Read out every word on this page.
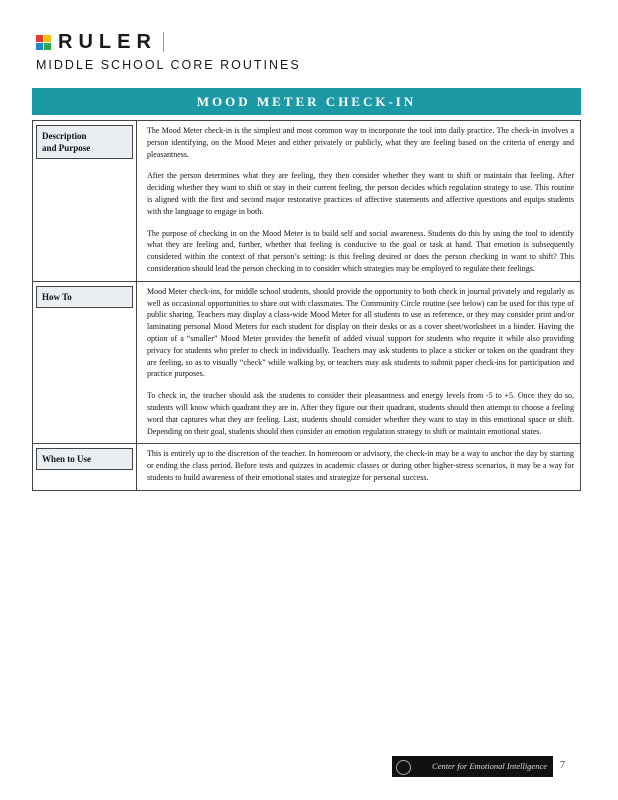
RULER
MIDDLE SCHOOL CORE ROUTINES
MOOD METER CHECK-IN
Description
and Purpose

The Mood Meter check-in is the simplest and most common way to incorporate the tool into daily practice. The check-in involves a person identifying, on the Mood Meter and either privately or publicly, what they are feeling based on the criteria of energy and pleasantness.

After the person determines what they are feeling, they then consider whether they want to shift or maintain that feeling. After deciding whether they want to shift or stay in their current feeling, the person decides which regulation strategy to use. This routine is aligned with the first and second major restorative practices of affective statements and affective questions and equips students with the language to engage in both.

The purpose of checking in on the Mood Meter is to build self and social awareness. Students do this by using the tool to identify what they are feeling and, further, whether that feeling is conducive to the goal or task at hand. That emotion is subsequently considered within the context of that person’s setting: is this feeling desired or does the person checking in want to shift? This consideration should lead the person checking in to consider which strategies may be employed to regulate their feelings.

How To

Mood Meter check-ins, for middle school students, should provide the opportunity to both check in journal privately and regularly as well as occasional opportunities to share out with classmates. The Community Circle routine (see below) can be used for this type of public sharing. Teachers may display a class-wide Mood Meter for all students to use as reference, or they may consider print and/or laminating personal Mood Meters for each student for display on their desks or as a cover sheet/worksheet in a binder. Having the option of a “smaller” Mood Meter provides the benefit of added visual support for students who require it while also providing privacy for students who prefer to check in individually. Teachers may ask students to place a sticker or token on the quadrant they are feeling, so as to visually “check” while walking by, or teachers may ask students to submit paper check-ins for participation and practice purposes.

To check in, the teacher should ask the students to consider their pleasantness and energy levels from -5 to +5. Once they do so, students will know which quadrant they are in. After they figure out their quadrant, students should then attempt to choose a feeling word that captures what they are feeling. Last, students should consider whether they want to stay in this emotional space or shift. Depending on their goal, students should then consider an emotion regulation strategy to shift or maintain emotional states.

When to Use

This is entirely up to the discretion of the teacher. In homeroom or advisory, the check-in may be a way to anchor the day by starting or ending the class period. Before tests and quizzes in academic classes or during other higher-stress scenarios, it may be a way for students to build awareness of their emotional states and strategize for personal success.

Center for Emotional Intelligence	7
